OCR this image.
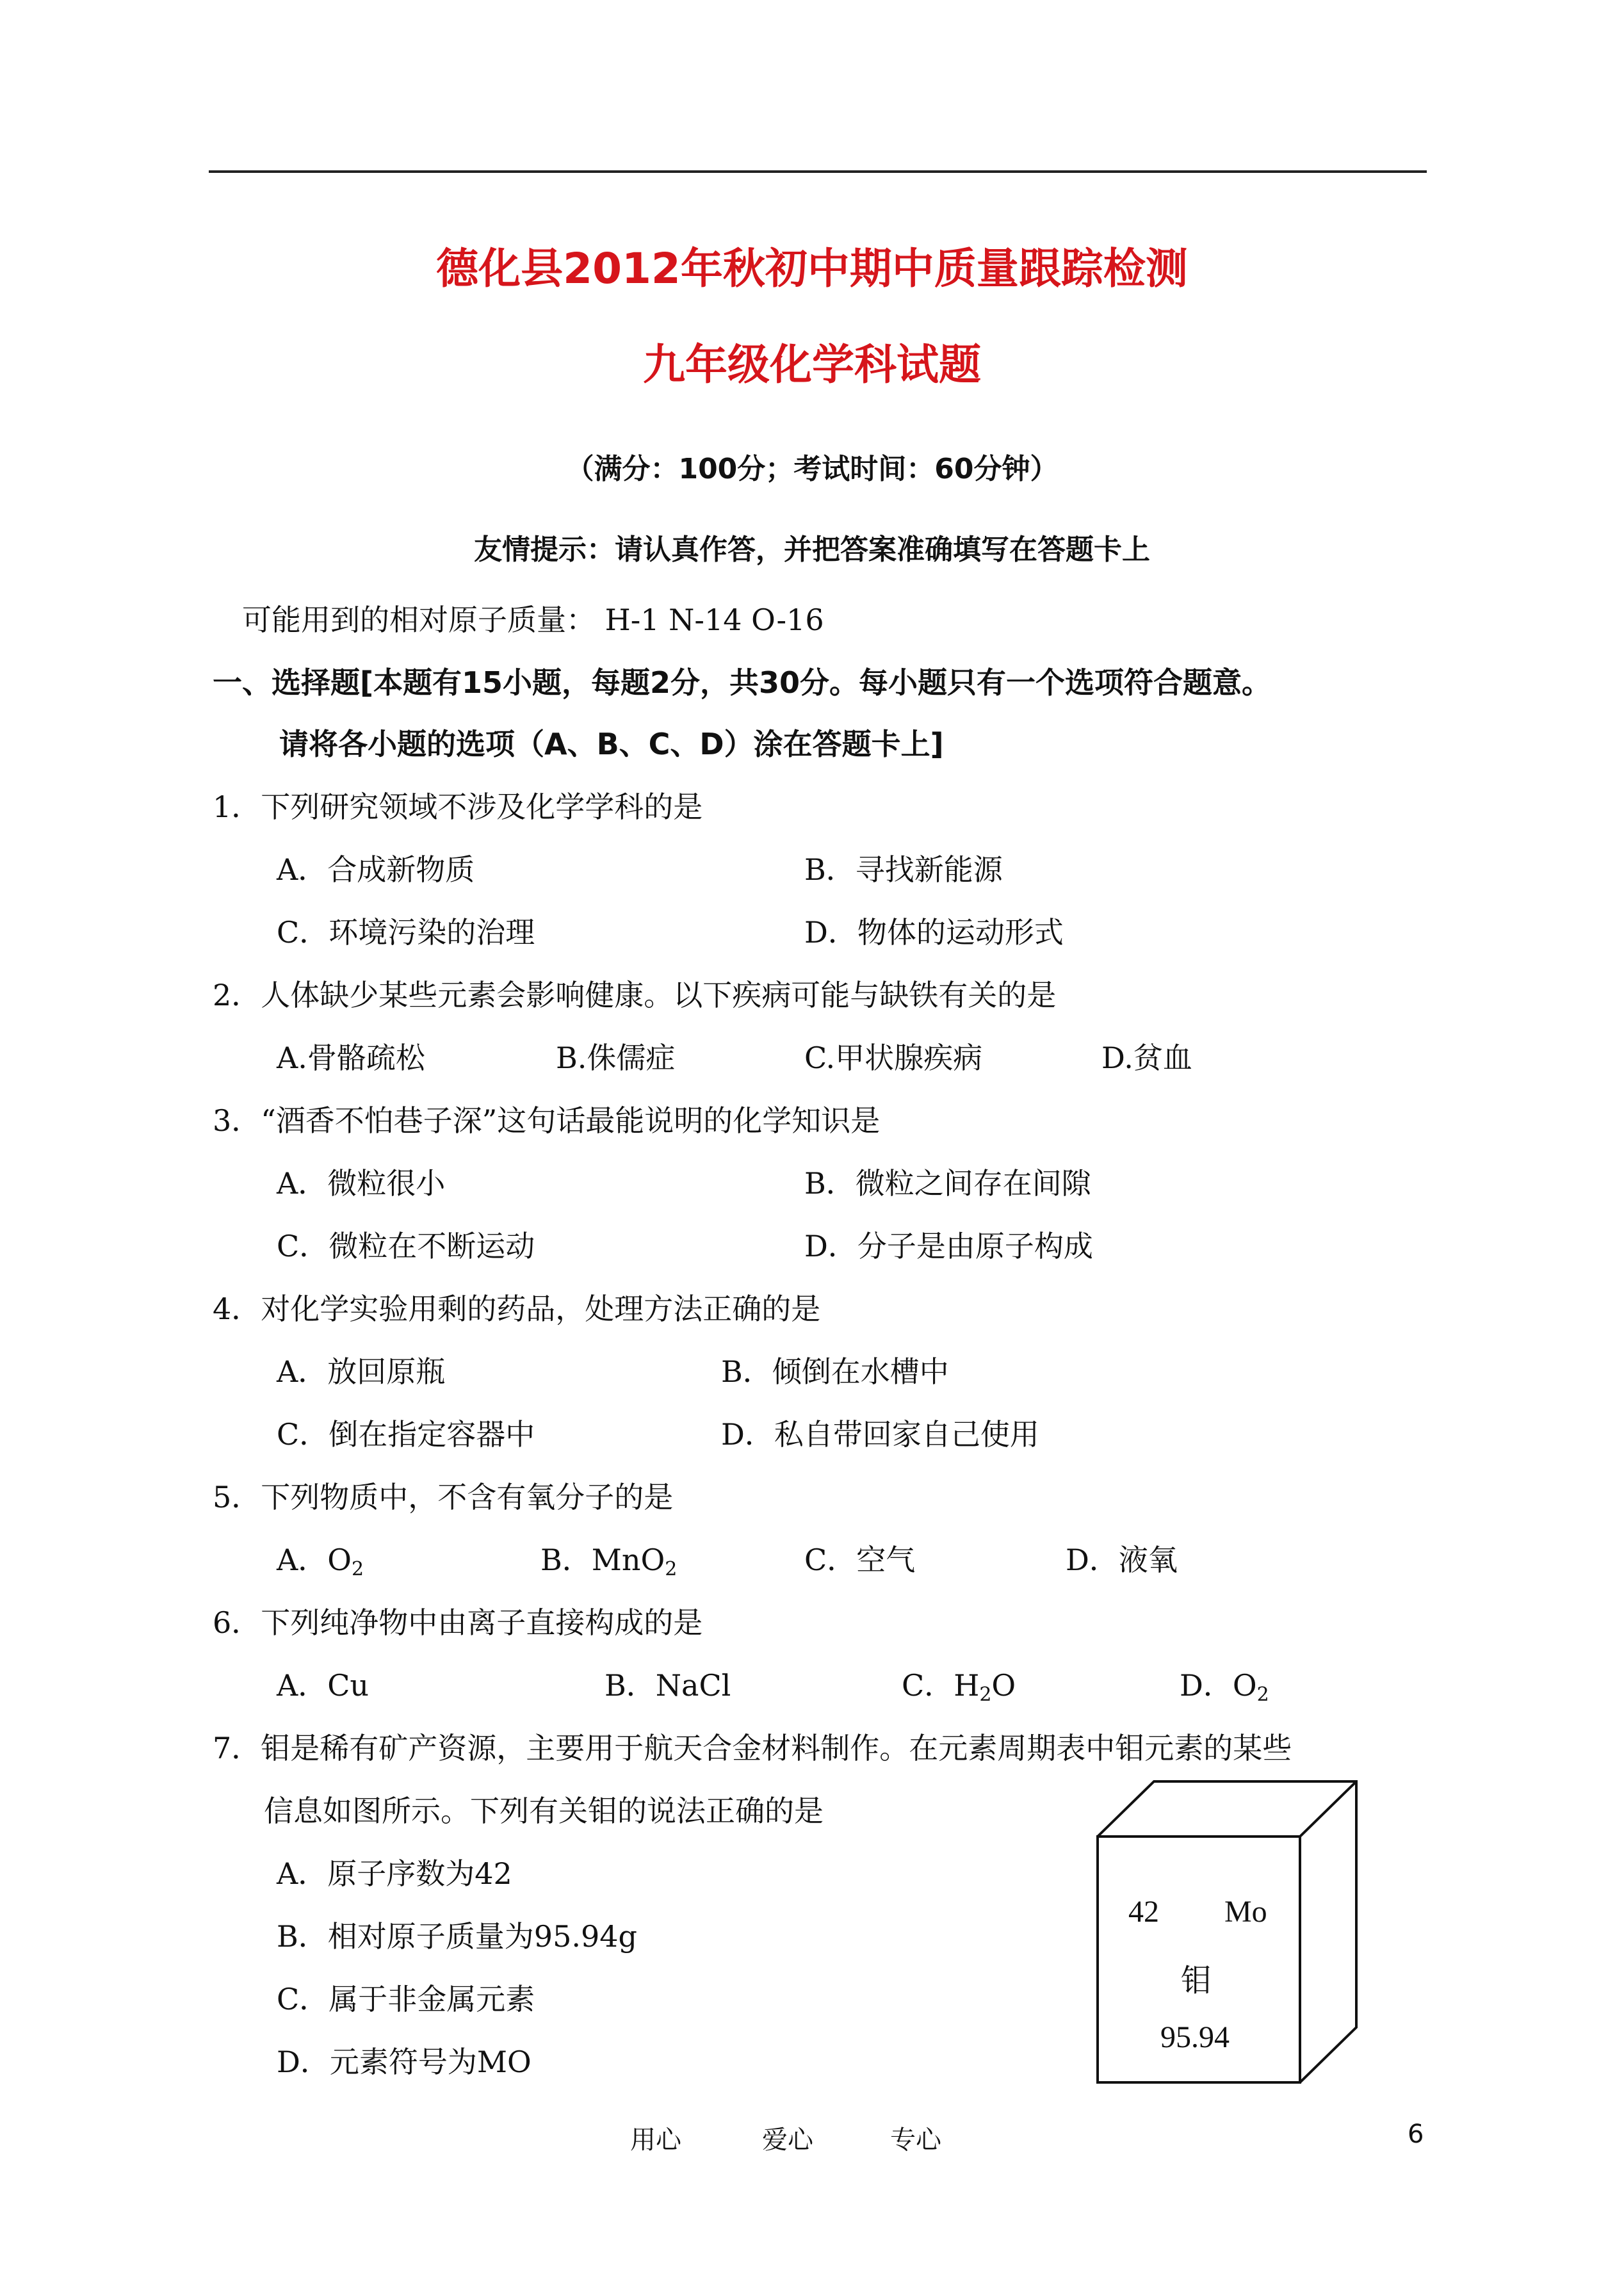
德化县2012年秋初中期中质量跟踪检测
九年级化学科试题
（满分：100分；考试时间：60分钟）
友情提示：请认真作答，并把答案准确填写在答题卡上
可能用到的相对原子质量： H-1 N-14 O-16
一、选择题[本题有15小题，每题2分，共30分。每小题只有一个选项符合题意。
请将各小题的选项（A、B、C、D）涂在答题卡上]
1．下列研究领域不涉及化学学科的是
A．合成新物质	B．寻找新能源
C．环境污染的治理	D．物体的运动形式
2．人体缺少某些元素会影响健康。以下疾病可能与缺铁有关的是
A.骨骼疏松	B.侏儒症	C.甲状腺疾病	D.贫血
3．“酒香不怕巷子深”这句话最能说明的化学知识是
A．微粒很小	B．微粒之间存在间隙
C．微粒在不断运动	D．分子是由原子构成
4．对化学实验用剩的药品，处理方法正确的是
A．放回原瓶	B．倾倒在水槽中
C．倒在指定容器中	D．私自带回家自己使用
5．下列物质中，不含有氧分子的是
A．$O_2$	B．MnO$_2$	C．空气	D．液氧
6．下列纯净物中由离子直接构成的是
A．Cu	B．NaCl	C．$H_2O$	D．$O_2$
7．钼是稀有矿产资源，主要用于航天合金材料制作。在元素周期表中钼元素的某些
信息如图所示。下列有关钼的说法正确的是
A．原子序数为42
B．相对原子质量为95.94g
C．属于非金属元素
D．元素符号为MO
42 Mo
钼
95.94
用心	爱心	专心	6
